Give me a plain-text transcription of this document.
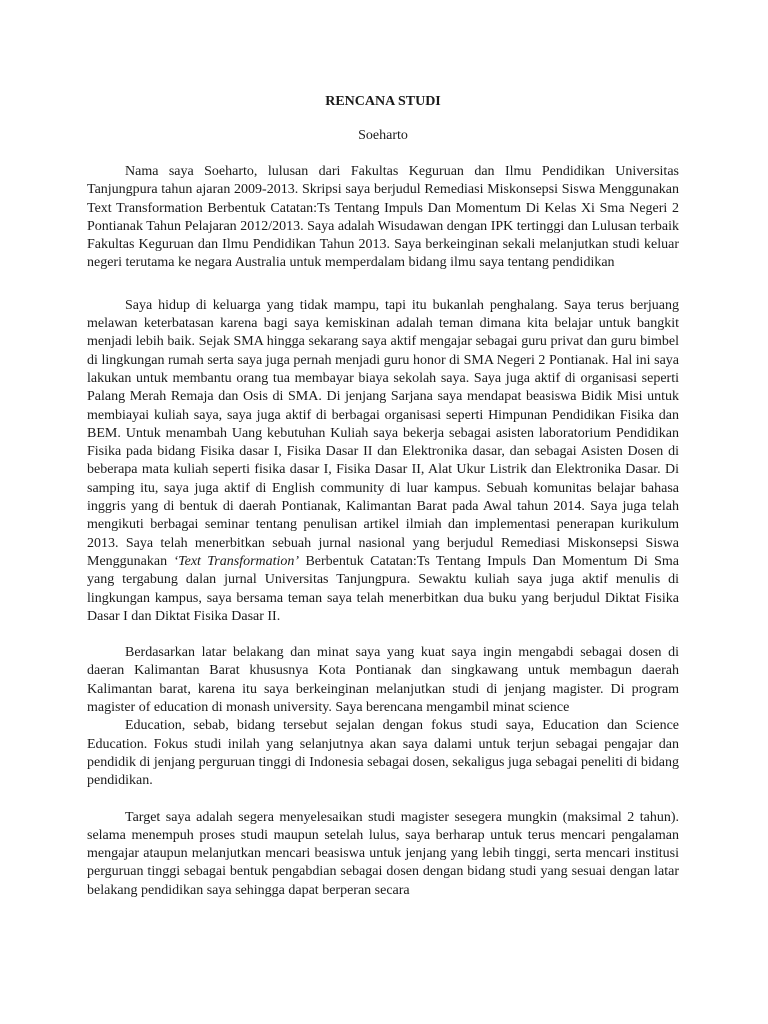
RENCANA STUDI

Soeharto

Nama saya Soeharto, lulusan dari Fakultas Keguruan dan Ilmu Pendidikan Universitas Tanjungpura tahun ajaran 2009-2013. Skripsi saya berjudul Remediasi Miskonsepsi Siswa Menggunakan Text Transformation Berbentuk Catatan:Ts Tentang Impuls Dan Momentum Di Kelas Xi Sma Negeri 2 Pontianak Tahun Pelajaran 2012/2013. Saya adalah Wisudawan dengan IPK tertinggi dan Lulusan terbaik Fakultas Keguruan dan Ilmu Pendidikan Tahun 2013. Saya berkeinginan sekali melanjutkan studi keluar negeri terutama ke negara Australia untuk memperdalam bidang ilmu saya tentang pendidikan

Saya hidup di keluarga yang tidak mampu, tapi itu bukanlah penghalang. Saya terus berjuang melawan keterbatasan karena bagi saya kemiskinan adalah teman dimana kita belajar untuk bangkit menjadi lebih baik. Sejak SMA hingga sekarang saya aktif mengajar sebagai guru privat dan guru bimbel di lingkungan rumah serta saya juga pernah menjadi guru honor di SMA Negeri 2 Pontianak. Hal ini saya lakukan untuk membantu orang tua membayar biaya sekolah saya. Saya juga aktif di organisasi seperti Palang Merah Remaja dan Osis di SMA. Di jenjang Sarjana saya mendapat beasiswa Bidik Misi untuk membiayai kuliah saya, saya juga aktif di berbagai organisasi seperti Himpunan Pendidikan Fisika dan BEM. Untuk menambah Uang kebutuhan Kuliah saya bekerja sebagai asisten laboratorium Pendidikan Fisika pada bidang Fisika dasar I, Fisika Dasar II dan Elektronika dasar, dan sebagai Asisten Dosen di beberapa mata kuliah seperti fisika dasar I, Fisika Dasar II, Alat Ukur Listrik dan Elektronika Dasar. Di samping itu, saya juga aktif di English community di luar kampus. Sebuah komunitas belajar bahasa inggris yang di bentuk di daerah Pontianak, Kalimantan Barat pada Awal tahun 2014. Saya juga telah mengikuti berbagai seminar tentang penulisan artikel ilmiah dan implementasi penerapan kurikulum 2013. Saya telah menerbitkan sebuah jurnal nasional yang berjudul Remediasi Miskonsepsi Siswa Menggunakan ‘Text Transformation’ Berbentuk Catatan:Ts Tentang Impuls Dan Momentum Di Sma yang tergabung dalan jurnal Universitas Tanjungpura. Sewaktu kuliah saya juga aktif menulis di lingkungan kampus, saya bersama teman saya telah menerbitkan dua buku yang berjudul Diktat Fisika Dasar I dan Diktat Fisika Dasar II.

Berdasarkan latar belakang dan minat saya yang kuat saya ingin mengabdi sebagai dosen di daeran Kalimantan Barat khususnya Kota Pontianak dan singkawang untuk membagun daerah Kalimantan barat, karena itu saya berkeinginan melanjutkan studi di jenjang magister. Di program magister of education di monash university. Saya berencana mengambil minat science

Education, sebab, bidang tersebut sejalan dengan fokus studi saya, Education dan Science Education. Fokus studi inilah yang selanjutnya akan saya dalami untuk terjun sebagai pengajar dan pendidik di jenjang perguruan tinggi di Indonesia sebagai dosen, sekaligus juga sebagai peneliti di bidang pendidikan.

Target saya adalah segera menyelesaikan studi magister sesegera mungkin (maksimal 2 tahun). selama menempuh proses studi maupun setelah lulus, saya berharap untuk terus mencari pengalaman mengajar ataupun melanjutkan mencari beasiswa untuk jenjang yang lebih tinggi, serta mencari institusi perguruan tinggi sebagai bentuk pengabdian sebagai dosen dengan bidang studi yang sesuai dengan latar belakang pendidikan saya sehingga dapat berperan secara
